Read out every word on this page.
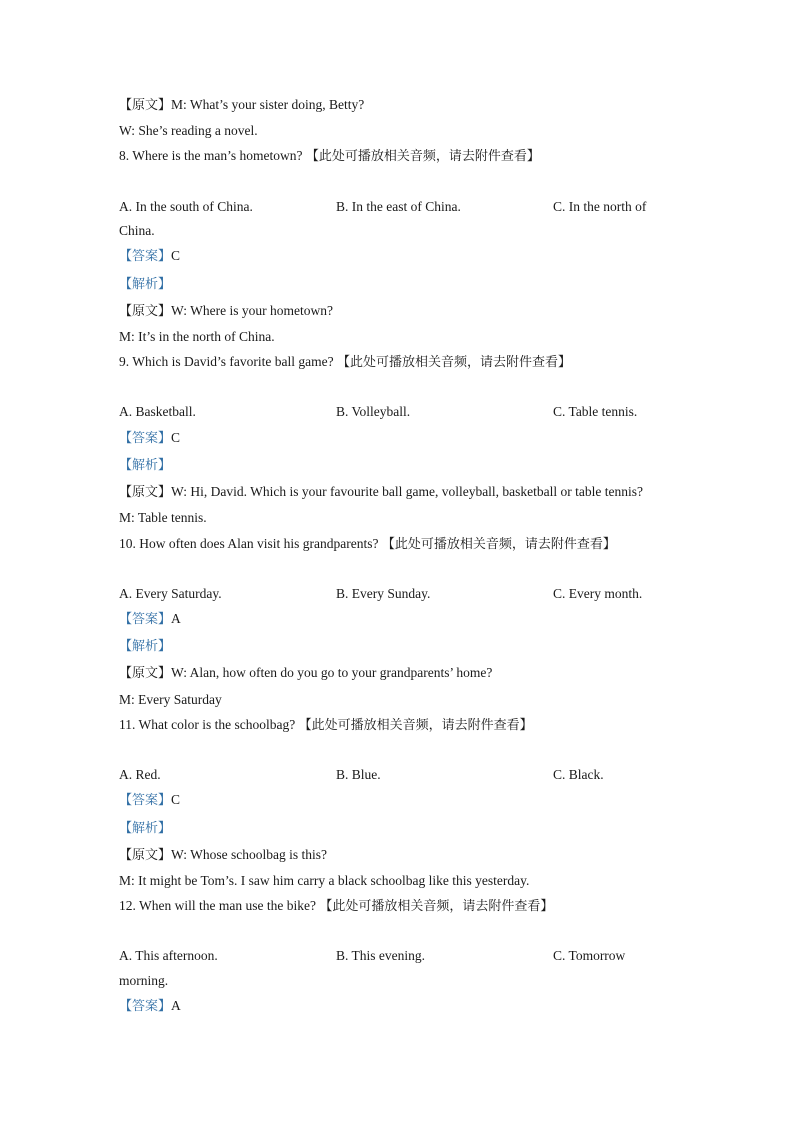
【原文】M: What’s your sister doing, Betty?
W: She’s reading a novel.
8. Where is the man’s hometown? 【此处可播放相关音频，请去附件查看】
A. In the south of China.	B. In the east of China.	C. In the north of
China.
【答案】C
【解析】
【原文】W: Where is your hometown?
M: It’s in the north of China.
9. Which is David’s favorite ball game? 【此处可播放相关音频，请去附件查看】
A. Basketball.	B. Volleyball.	C. Table tennis.
【答案】C
【解析】
【原文】W: Hi, David. Which is your favourite ball game, volleyball, basketball or table tennis?
M: Table tennis.
10. How often does Alan visit his grandparents? 【此处可播放相关音频，请去附件查看】
A. Every Saturday.	B. Every Sunday.	C. Every month.
【答案】A
【解析】
【原文】W: Alan, how often do you go to your grandparents’ home?
M: Every Saturday
11. What color is the schoolbag? 【此处可播放相关音频，请去附件查看】
A. Red.	B. Blue.	C. Black.
【答案】C
【解析】
【原文】W: Whose schoolbag is this?
M: It might be Tom’s. I saw him carry a black schoolbag like this yesterday.
12. When will the man use the bike? 【此处可播放相关音频，请去附件查看】
A. This afternoon.	B. This evening.	C. Tomorrow
morning.
【答案】A
